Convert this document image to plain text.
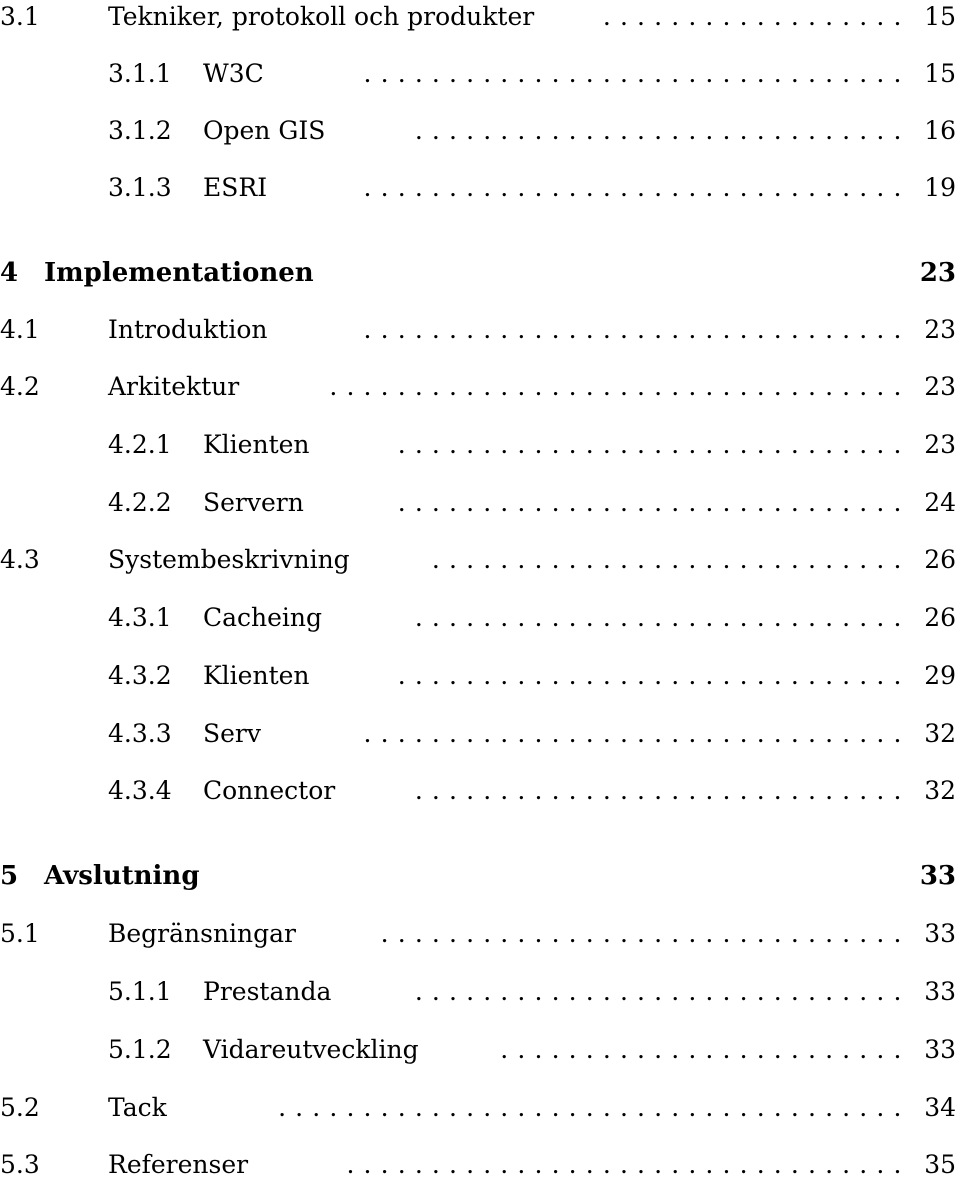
3.1	Tekniker, protokoll och produkter	. . . . . . . . . . . . . . . . . . 15
3.1.1 W3C	. . . . . . . . . . . . . . . . . . . . . . . . . . . . . . . . 15
3.1.2 Open GIS	. . . . . . . . . . . . . . . . . . . . . . . . . . . . . 16
3.1.3 ESRI	. . . . . . . . . . . . . . . . . . . . . . . . . . . . . . . . 19
4 Implementationen	23
4.1	Introduktion	. . . . . . . . . . . . . . . . . . . . . . . . . . . . . . . . 23
4.2	Arkitektur	. . . . . . . . . . . . . . . . . . . . . . . . . . . . . . . . . . 23
4.2.1 Klienten	. . . . . . . . . . . . . . . . . . . . . . . . . . . . . . 23
4.2.2 Servern	. . . . . . . . . . . . . . . . . . . . . . . . . . . . . . 24
4.3	Systembeskrivning	. . . . . . . . . . . . . . . . . . . . . . . . . . . . 26
4.3.1 Cacheing	. . . . . . . . . . . . . . . . . . . . . . . . . . . . . 26
4.3.2 Klienten	. . . . . . . . . . . . . . . . . . . . . . . . . . . . . . 29
4.3.3 Serv	. . . . . . . . . . . . . . . . . . . . . . . . . . . . . . . . 32
4.3.4 Connector	. . . . . . . . . . . . . . . . . . . . . . . . . . . . . 32
5 Avslutning	33
5.1	Begränsningar	. . . . . . . . . . . . . . . . . . . . . . . . . . . . . . . 33
5.1.1 Prestanda	. . . . . . . . . . . . . . . . . . . . . . . . . . . . . 33
5.1.2 Vidareutveckling	. . . . . . . . . . . . . . . . . . . . . . . . 33
5.2	Tack	. . . . . . . . . . . . . . . . . . . . . . . . . . . . . . . . . . . . . 34
5.3	Referenser	. . . . . . . . . . . . . . . . . . . . . . . . . . . . . . . . . 35
